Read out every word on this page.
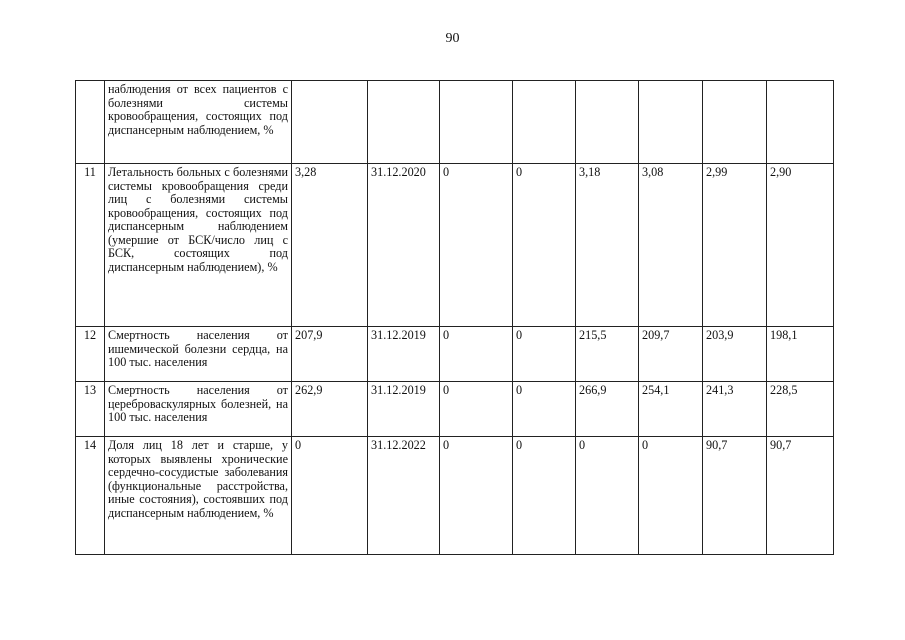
90
	наблюдения от всех пациентов с болезнями системы кровообращения, состоящих под диспансерным наблюдением, %								
11	Летальность больных с болезнями системы кровообращения среди лиц с болезнями системы кровообращения, состоящих под диспансерным наблюдением (умершие от БСК/число лиц с БСК, состоящих под диспансерным наблюдением), %	3,28	31.12.2020	0	0	3,18	3,08	2,99	2,90
12	Смертность населения от ишемической болезни сердца, на 100 тыс. населения	207,9	31.12.2019	0	0	215,5	209,7	203,9	198,1
13	Смертность населения от цереброваскулярных болезней, на 100 тыс. населения	262,9	31.12.2019	0	0	266,9	254,1	241,3	228,5
14	Доля лиц 18 лет и старше, у которых выявлены хронические сердечно-сосудистые заболевания (функциональные расстройства, иные состояния), состоявших под диспансерным наблюдением, %	0	31.12.2022	0	0	0	0	90,7	90,7
